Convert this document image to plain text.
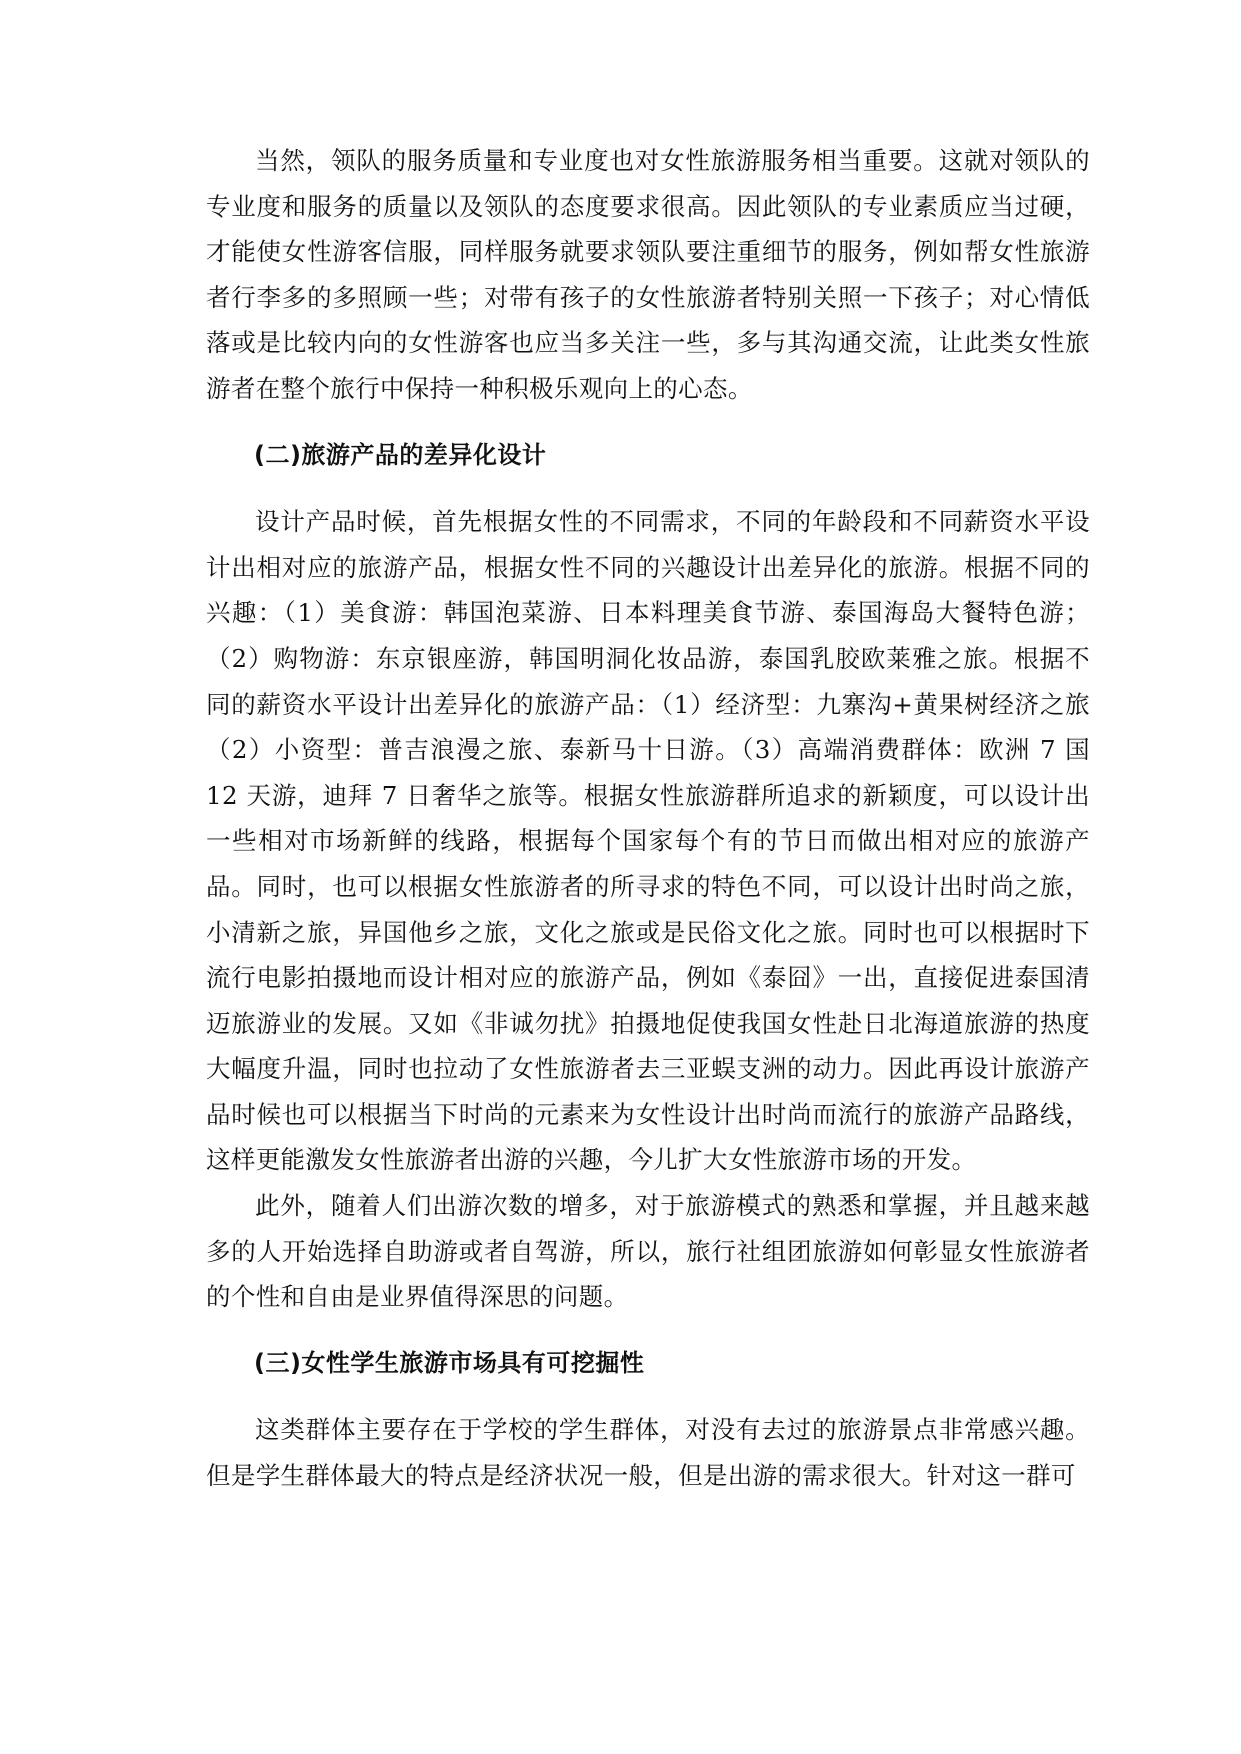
当然，领队的服务质量和专业度也对女性旅游服务相当重要。这就对领队的专业度和服务的质量以及领队的态度要求很高。因此领队的专业素质应当过硬，才能使女性游客信服，同样服务就要求领队要注重细节的服务，例如帮女性旅游者行李多的多照顾一些；对带有孩子的女性旅游者特别关照一下孩子；对心情低落或是比较内向的女性游客也应当多关注一些，多与其沟通交流，让此类女性旅游者在整个旅行中保持一种积极乐观向上的心态。

(二)旅游产品的差异化设计

设计产品时候，首先根据女性的不同需求，不同的年龄段和不同薪资水平设计出相对应的旅游产品，根据女性不同的兴趣设计出差异化的旅游。根据不同的兴趣：（1）美食游：韩国泡菜游、日本料理美食节游、泰国海岛大餐特色游；（2）购物游：东京银座游，韩国明洞化妆品游，泰国乳胶欧莱雅之旅。根据不同的薪资水平设计出差异化的旅游产品：（1）经济型：九寨沟+黄果树经济之旅（2）小资型：普吉浪漫之旅、泰新马十日游。（3）高端消费群体：欧洲 7 国 12 天游，迪拜 7 日奢华之旅等。根据女性旅游群所追求的新颖度，可以设计出一些相对市场新鲜的线路，根据每个国家每个有的节日而做出相对应的旅游产品。同时，也可以根据女性旅游者的所寻求的特色不同，可以设计出时尚之旅，小清新之旅，异国他乡之旅，文化之旅或是民俗文化之旅。同时也可以根据时下流行电影拍摄地而设计相对应的旅游产品，例如《泰囧》一出，直接促进泰国清迈旅游业的发展。又如《非诚勿扰》拍摄地促使我国女性赴日北海道旅游的热度大幅度升温，同时也拉动了女性旅游者去三亚蜈支洲的动力。因此再设计旅游产品时候也可以根据当下时尚的元素来为女性设计出时尚而流行的旅游产品路线，这样更能激发女性旅游者出游的兴趣，今儿扩大女性旅游市场的开发。

此外，随着人们出游次数的增多，对于旅游模式的熟悉和掌握，并且越来越多的人开始选择自助游或者自驾游，所以，旅行社组团旅游如何彰显女性旅游者的个性和自由是业界值得深思的问题。

(三)女性学生旅游市场具有可挖掘性

这类群体主要存在于学校的学生群体，对没有去过的旅游景点非常感兴趣。但是学生群体最大的特点是经济状况一般，但是出游的需求很大。针对这一群可
